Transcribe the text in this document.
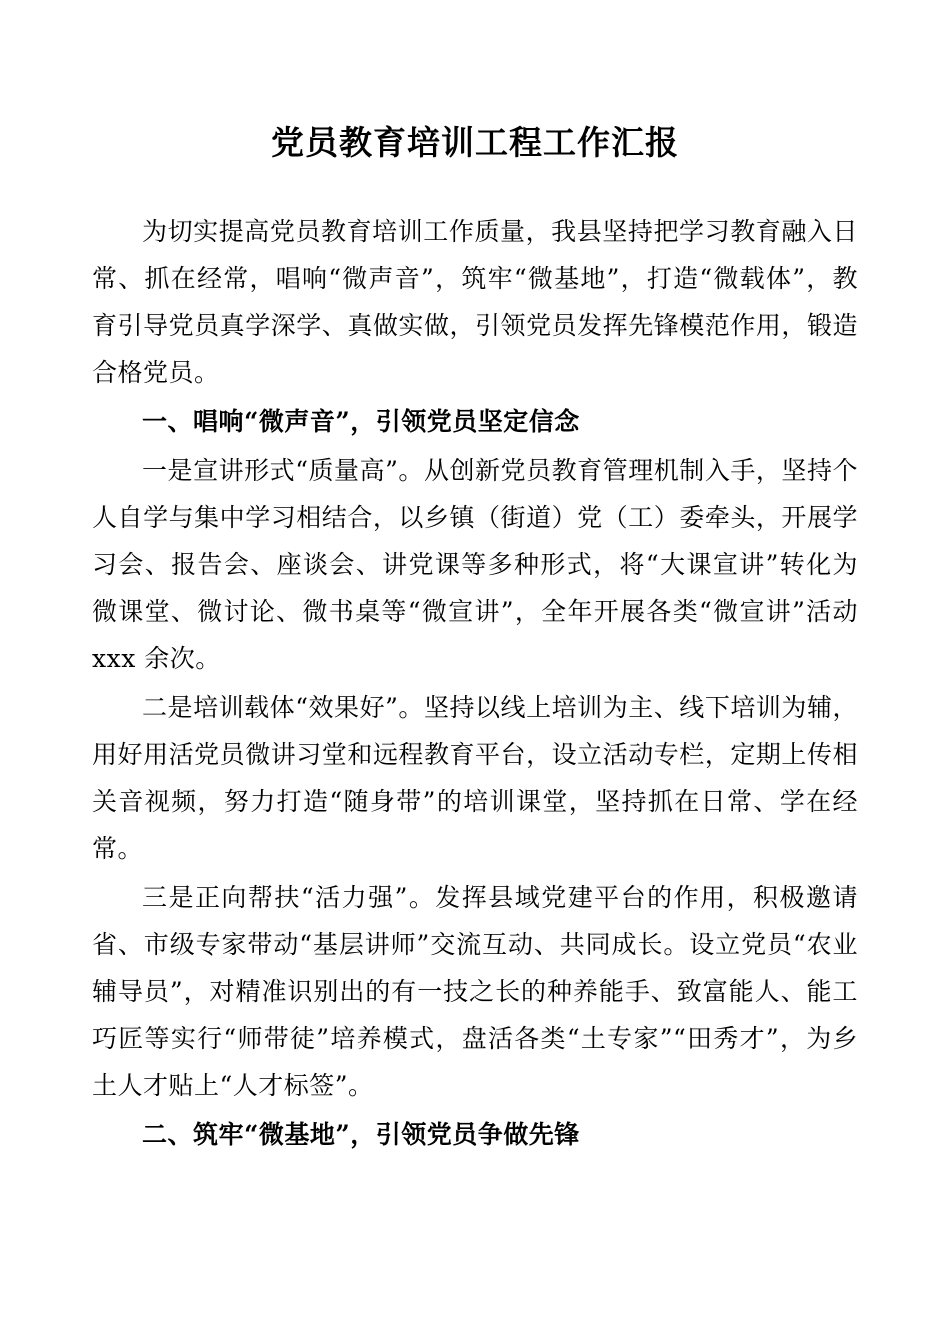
党员教育培训工程工作汇报

为切实提高党员教育培训工作质量，我县坚持把学习教育融入日常、抓在经常，唱响“微声音”，筑牢“微基地”，打造“微载体”，教育引导党员真学深学、真做实做，引领党员发挥先锋模范作用，锻造合格党员。

一、唱响“微声音”，引领党员坚定信念

一是宣讲形式“质量高”。从创新党员教育管理机制入手，坚持个人自学与集中学习相结合，以乡镇（街道）党（工）委牵头，开展学习会、报告会、座谈会、讲党课等多种形式，将“大课宣讲”转化为微课堂、微讨论、微书桌等“微宣讲”，全年开展各类“微宣讲”活动 xxx 余次。

二是培训载体“效果好”。坚持以线上培训为主、线下培训为辅，用好用活党员微讲习堂和远程教育平台，设立活动专栏，定期上传相关音视频，努力打造“随身带”的培训课堂，坚持抓在日常、学在经常。

三是正向帮扶“活力强”。发挥县域党建平台的作用，积极邀请省、市级专家带动“基层讲师”交流互动、共同成长。设立党员“农业辅导员”，对精准识别出的有一技之长的种养能手、致富能人、能工巧匠等实行“师带徒”培养模式，盘活各类“土专家”“田秀才”，为乡土人才贴上“人才标签”。

二、筑牢“微基地”，引领党员争做先锋
